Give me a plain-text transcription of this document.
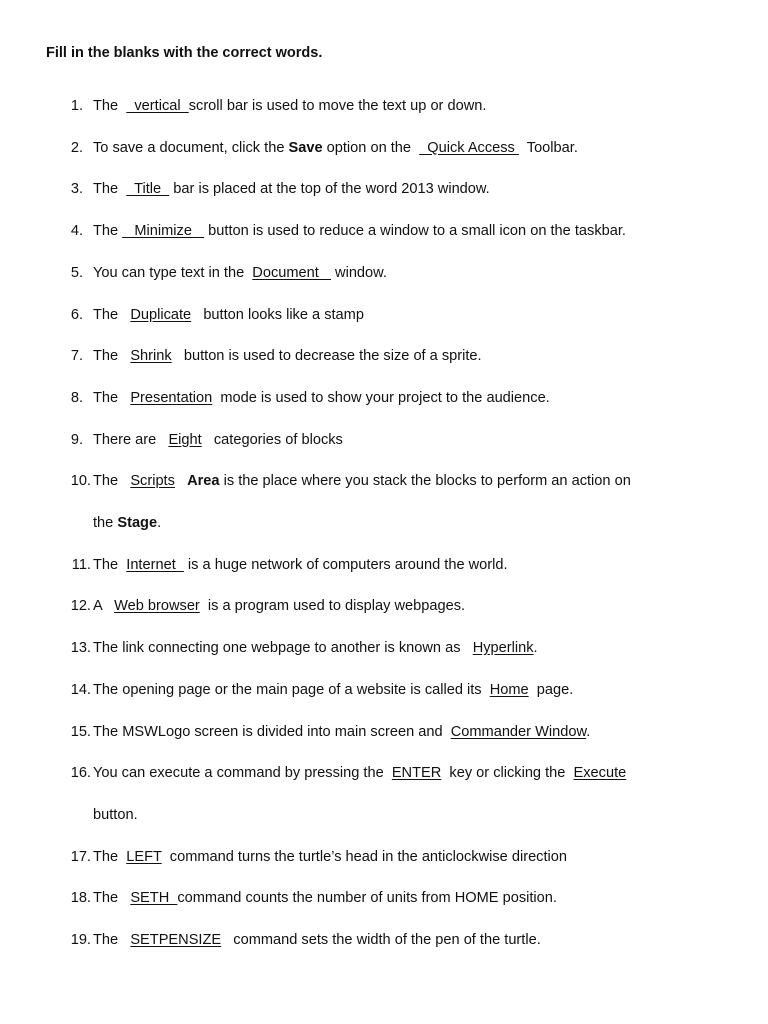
Fill in the blanks with the correct words.
1. The    vertical  scroll bar is used to move the text up or down.
2. To save a document, click the Save option on the    Quick Access   Toolbar.
3. The    Title   bar is placed at the top of the word 2013 window.
4. The    Minimize    button is used to reduce a window to a small icon on the taskbar.
5. You can type text in the  Document    window.
6. The   Duplicate   button looks like a stamp
7. The   Shrink   button is used to decrease the size of a sprite.
8. The   Presentation  mode is used to show your project to the audience.
9. There are   Eight   categories of blocks
10. The   Scripts Area is the place where you stack the blocks to perform an action on
the Stage.
11. The  Internet   is a huge network of computers around the world.
12. A   Web browser  is a program used to display webpages.
13. The link connecting one webpage to another is known as   Hyperlink.
14. The opening page or the main page of a website is called its  Home  page.
15. The MSWLogo screen is divided into main screen and  Commander Window.
16. You can execute a command by pressing the  ENTER  key or clicking the  Execute
button.
17. The  LEFT  command turns the turtle’s head in the anticlockwise direction
18. The   SETH  command counts the number of units from HOME position.
19. The   SETPENSIZE   command sets the width of the pen of the turtle.
